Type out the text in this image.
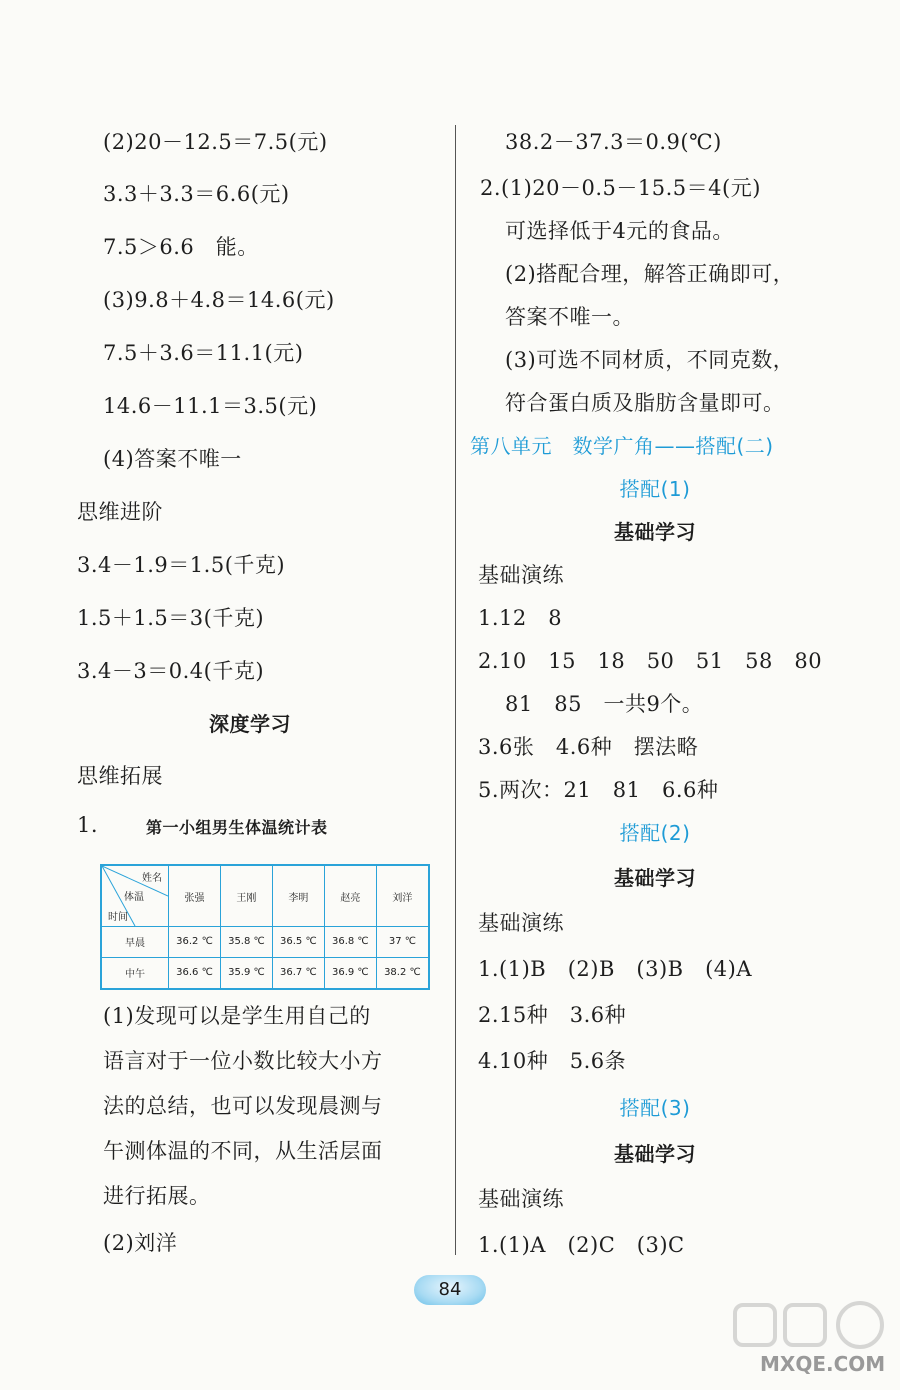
(2)20－12.5＝7.5(元)
3.3＋3.3＝6.6(元)
7.5＞6.6　能。
(3)9.8＋4.8＝14.6(元)
7.5＋3.6＝11.1(元)
14.6－11.1＝3.5(元)
(4)答案不唯一
思维进阶
3.4－1.9＝1.5(千克)
1.5＋1.5＝3(千克)
3.4－3＝0.4(千克)
深度学习
思维拓展
1.	第一小组男生体温统计表
姓名
体温
时间	张强	王刚	李明	赵亮	刘洋
早晨	36.2 ℃	35.8 ℃	36.5 ℃	36.8 ℃	37 ℃
中午	36.6 ℃	35.9 ℃	36.7 ℃	36.9 ℃	38.2 ℃
(1)发现可以是学生用自己的
语言对于一位小数比较大小方
法的总结，也可以发现晨测与
午测体温的不同，从生活层面
进行拓展。
(2)刘洋
38.2－37.3＝0.9(℃)
2.(1)20－0.5－15.5＝4(元)
可选择低于4元的食品。
(2)搭配合理，解答正确即可，
答案不唯一。
(3)可选不同材质，不同克数，
符合蛋白质及脂肪含量即可。
第八单元　数学广角——搭配(二)
搭配(1)
基础学习
基础演练
1.12　8
2.10　15　18　50　51　58　80
81　85　一共9个。
3.6张　4.6种　摆法略
5.两次：21　81　6.6种
搭配(2)
基础学习
基础演练
1.(1)B　(2)B　(3)B　(4)A
2.15种　3.6种
4.10种　5.6条
搭配(3)
基础学习
基础演练
1.(1)A　(2)C　(3)C
84
MXQE.COM
